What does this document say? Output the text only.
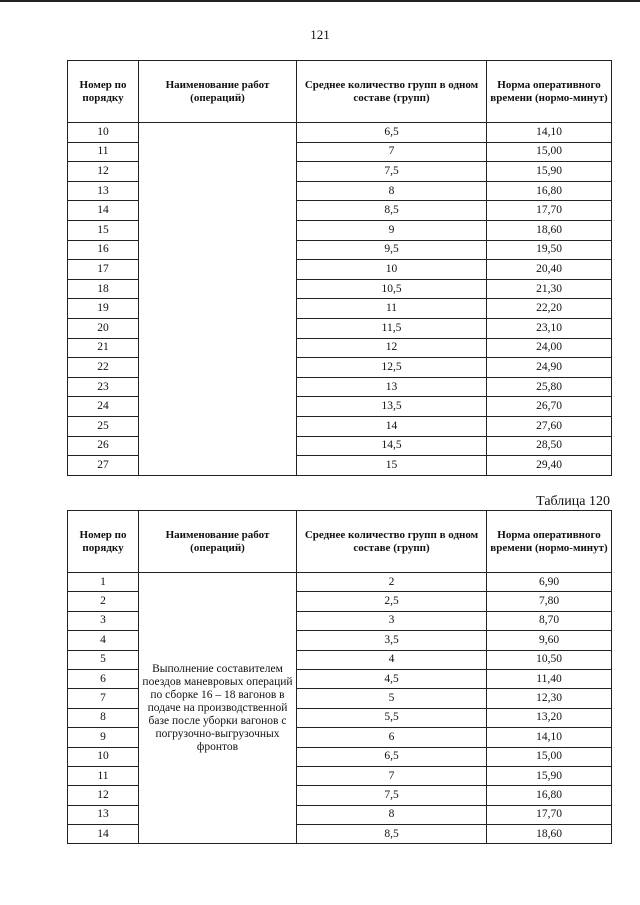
121
Номер по порядку	Наименование работ (операций)	Среднее количество групп в одном составе (групп)	Норма оперативного времени (нормо-минут)
10		6,5	14,10
11		7	15,00
12		7,5	15,90
13		8	16,80
14		8,5	17,70
15		9	18,60
16		9,5	19,50
17		10	20,40
18		10,5	21,30
19		11	22,20
20		11,5	23,10
21		12	24,00
22		12,5	24,90
23		13	25,80
24		13,5	26,70
25		14	27,60
26		14,5	28,50
27		15	29,40
Таблица 120
Номер по порядку	Наименование работ (операций)	Среднее количество групп в одном составе (групп)	Норма оперативного времени (нормо-минут)
1	Выполнение составителем поездов маневровых операций по сборке 16 – 18 вагонов в подаче на производственной базе после уборки вагонов с погрузочно-выгрузочных фронтов	2	6,90
2		2,5	7,80
3		3	8,70
4		3,5	9,60
5		4	10,50
6		4,5	11,40
7		5	12,30
8		5,5	13,20
9		6	14,10
10		6,5	15,00
11		7	15,90
12		7,5	16,80
13		8	17,70
14		8,5	18,60
